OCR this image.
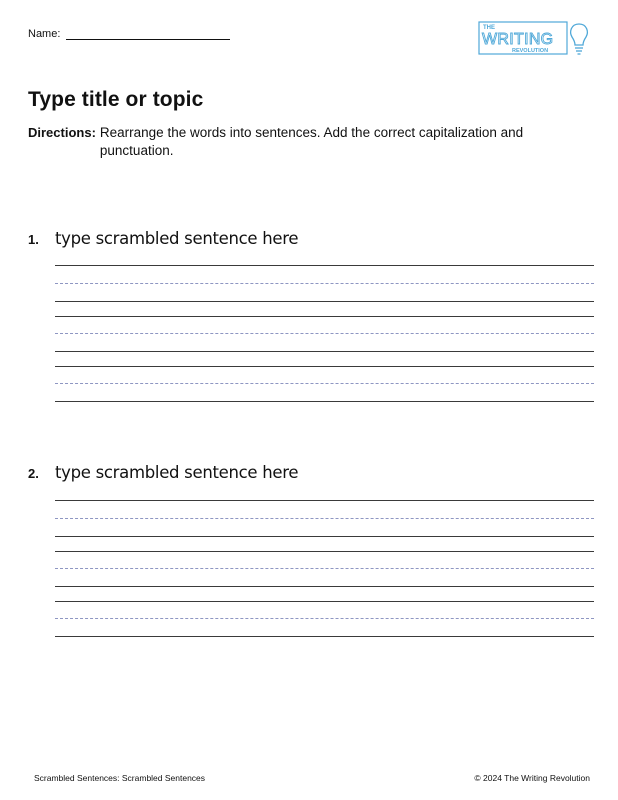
Name:	THE
WRITING
REVOLUTION
Type title or topic
Directions: Rearrange the words into sentences. Add the correct capitalization and punctuation.
1. type scrambled sentence here
2. type scrambled sentence here
Scrambled Sentences: Scrambled Sentences	© 2024 The Writing Revolution
